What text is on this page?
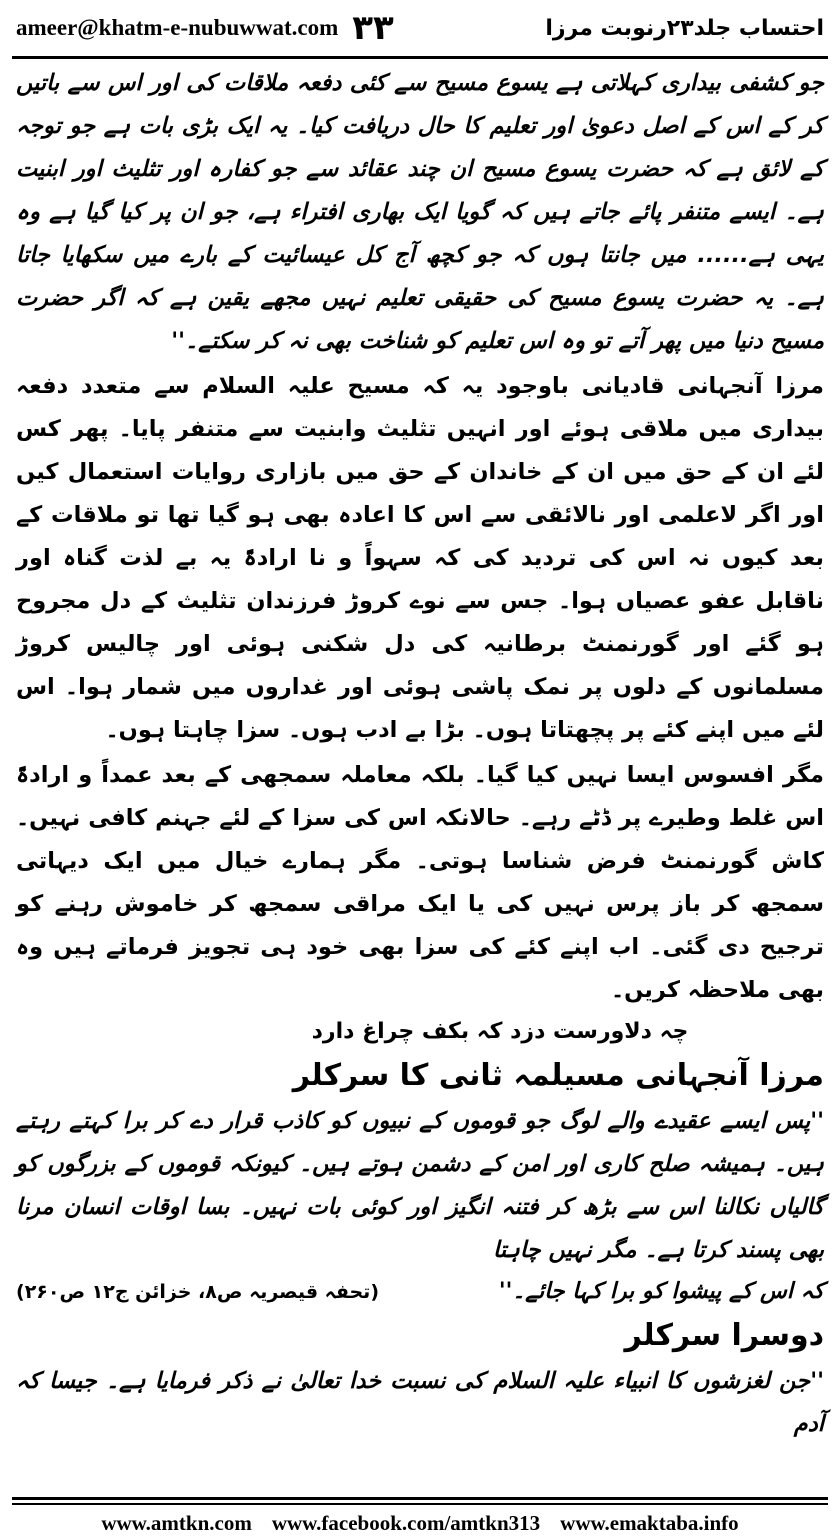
ameer@khatm-e-nubuwwat.com ۳۳	احتساب جلد۲۳رنوبت مرزا

جو کشفی بیداری کہلاتی ہے یسوع مسیح سے کئی دفعہ ملاقات کی اور اس سے باتیں کر کے اس کے اصل دعویٰ اور تعلیم کا حال دریافت کیا۔ یہ ایک بڑی بات ہے جو توجہ کے لائق ہے کہ حضرت یسوع مسیح ان چند عقائد سے جو کفارہ اور تثلیث اور ابنیت ہے۔ ایسے متنفر پائے جاتے ہیں کہ گویا ایک بھاری افتراء ہے، جو ان پر کیا گیا ہے وہ یہی ہے...... میں جانتا ہوں کہ جو کچھ آج کل عیسائیت کے بارے میں سکھایا جاتا ہے۔ یہ حضرت یسوع مسیح کی حقیقی تعلیم نہیں مجھے یقین ہے کہ اگر حضرت مسیح دنیا میں پھر آتے تو وہ اس تعلیم کو شناخت بھی نہ کر سکتے۔''

مرزا آنجہانی قادیانی باوجود یہ کہ مسیح علیہ السلام سے متعدد دفعہ بیداری میں ملاقی ہوئے اور انہیں تثلیث وابنیت سے متنفر پایا۔ پھر کس لئے ان کے حق میں ان کے خاندان کے حق میں بازاری روایات استعمال کیں اور اگر لاعلمی اور نالائقی سے اس کا اعادہ بھی ہو گیا تھا تو ملاقات کے بعد کیوں نہ اس کی تردید کی کہ سہواً و نا ارادۃً یہ بے لذت گناہ اور ناقابل عفو عصیاں ہوا۔ جس سے نوے کروڑ فرزندان تثلیث کے دل مجروح ہو گئے اور گورنمنٹ برطانیہ کی دل شکنی ہوئی اور چالیس کروڑ مسلمانوں کے دلوں پر نمک پاشی ہوئی اور غداروں میں شمار ہوا۔ اس لئے میں اپنے کئے پر پچھتاتا ہوں۔ بڑا بے ادب ہوں۔ سزا چاہتا ہوں۔

مگر افسوس ایسا نہیں کیا گیا۔ بلکہ معاملہ سمجھی کے بعد عمداً و ارادۃً اس غلط وطیرے پر ڈٹے رہے۔ حالانکہ اس کی سزا کے لئے جہنم کافی نہیں۔ کاش گورنمنٹ فرض شناسا ہوتی۔ مگر ہمارے خیال میں ایک دیہاتی سمجھ کر باز پرس نہیں کی یا ایک مراقی سمجھ کر خاموش رہنے کو ترجیح دی گئی۔ اب اپنے کئے کی سزا بھی خود ہی تجویز فرماتے ہیں وہ بھی ملاحظہ کریں۔

چہ دلاورست دزد کہ بکف چراغ دارد
مرزا آنجہانی مسیلمہ ثانی کا سرکلر

''پس ایسے عقیدے والے لوگ جو قوموں کے نبیوں کو کاذب قرار دے کر برا کہتے رہتے ہیں۔ ہمیشہ صلح کاری اور امن کے دشمن ہوتے ہیں۔ کیونکہ قوموں کے بزرگوں کو گالیاں نکالنا اس سے بڑھ کر فتنہ انگیز اور کوئی بات نہیں۔ بسا اوقات انسان مرنا بھی پسند کرتا ہے۔ مگر نہیں چاہتا

کہ اس کے پیشوا کو برا کہا جائے۔''
(تحفہ قیصریہ ص۸، خزائن ج۱۲ ص۲۶۰)
دوسرا سرکلر

''جن لغزشوں کا انبیاء علیہ السلام کی نسبت خدا تعالیٰ نے ذکر فرمایا ہے۔ جیسا کہ آدم

www.amtkn.com www.facebook.com/amtkn313 www.emaktaba.info
